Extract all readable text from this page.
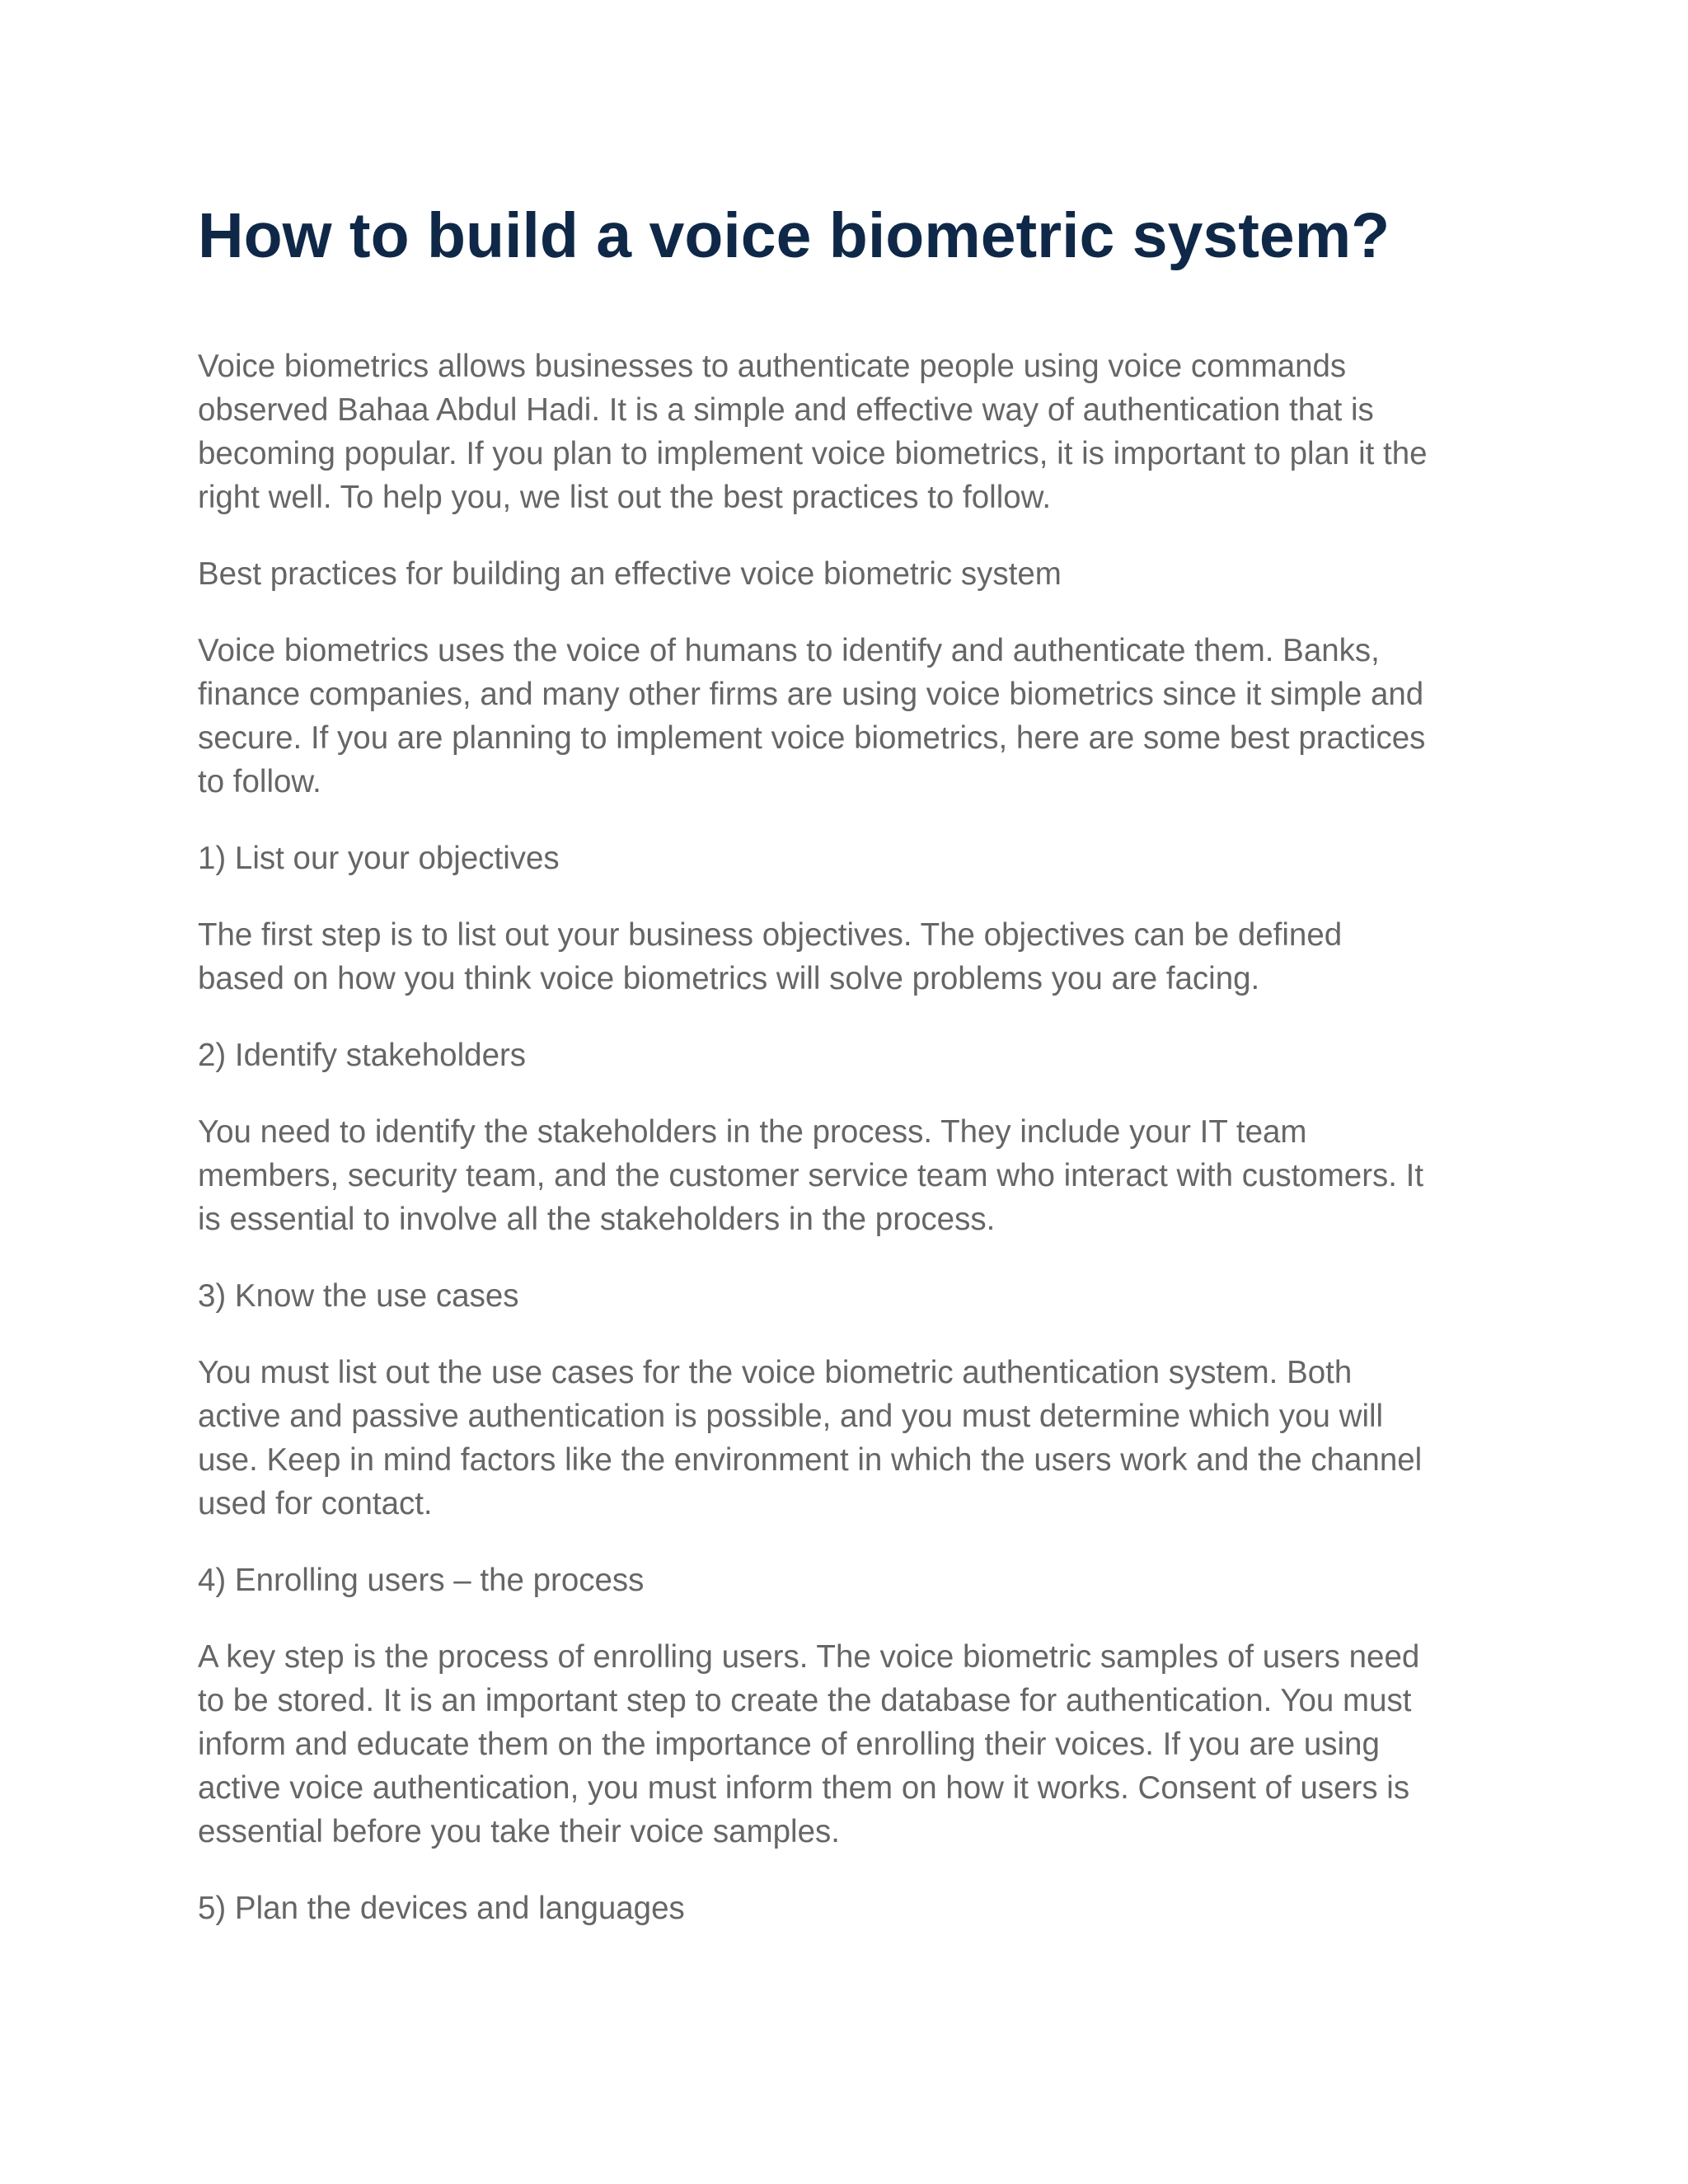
How to build a voice biometric system?

Voice biometrics allows businesses to authenticate people using voice commands
observed Bahaa Abdul Hadi. It is a simple and effective way of authentication that is
becoming popular. If you plan to implement voice biometrics, it is important to plan it the
right well. To help you, we list out the best practices to follow.

Best practices for building an effective voice biometric system

Voice biometrics uses the voice of humans to identify and authenticate them. Banks,
finance companies, and many other firms are using voice biometrics since it simple and
secure. If you are planning to implement voice biometrics, here are some best practices
to follow.

1) List our your objectives

The first step is to list out your business objectives. The objectives can be defined
based on how you think voice biometrics will solve problems you are facing.

2) Identify stakeholders

You need to identify the stakeholders in the process. They include your IT team
members, security team, and the customer service team who interact with customers. It
is essential to involve all the stakeholders in the process.

3) Know the use cases

You must list out the use cases for the voice biometric authentication system. Both
active and passive authentication is possible, and you must determine which you will
use. Keep in mind factors like the environment in which the users work and the channel
used for contact.

4) Enrolling users – the process

A key step is the process of enrolling users. The voice biometric samples of users need
to be stored. It is an important step to create the database for authentication. You must
inform and educate them on the importance of enrolling their voices. If you are using
active voice authentication, you must inform them on how it works. Consent of users is
essential before you take their voice samples.

5) Plan the devices and languages
